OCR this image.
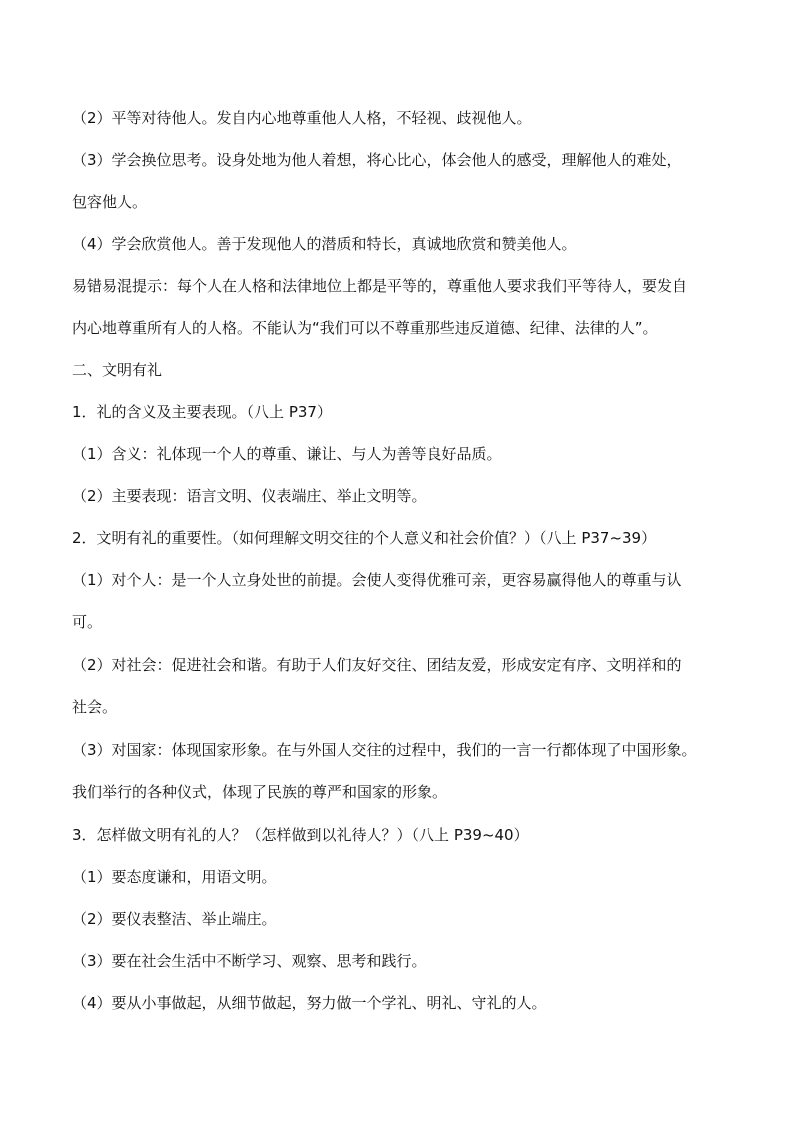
（2）平等对待他人。发自内心地尊重他人人格，不轻视、歧视他人。
（3）学会换位思考。设身处地为他人着想，将心比心，体会他人的感受，理解他人的难处，
包容他人。
（4）学会欣赏他人。善于发现他人的潜质和特长，真诚地欣赏和赞美他人。
易错易混提示：每个人在人格和法律地位上都是平等的，尊重他人要求我们平等待人，要发自
内心地尊重所有人的人格。不能认为“我们可以不尊重那些违反道德、纪律、法律的人”。
二、文明有礼
1．礼的含义及主要表现。（八上 P37）
（1）含义：礼体现一个人的尊重、谦让、与人为善等良好品质。
（2）主要表现：语言文明、仪表端庄、举止文明等。
2．文明有礼的重要性。（如何理解文明交往的个人意义和社会价值？）（八上 P37~39）
（1）对个人：是一个人立身处世的前提。会使人变得优雅可亲，更容易赢得他人的尊重与认
可。
（2）对社会：促进社会和谐。有助于人们友好交往、团结友爱，形成安定有序、文明祥和的
社会。
（3）对国家：体现国家形象。在与外国人交往的过程中，我们的一言一行都体现了中国形象。
我们举行的各种仪式，体现了民族的尊严和国家的形象。
3．怎样做文明有礼的人？（怎样做到以礼待人？）（八上 P39~40）
（1）要态度谦和，用语文明。
（2）要仪表整洁、举止端庄。
（3）要在社会生活中不断学习、观察、思考和践行。
（4）要从小事做起，从细节做起，努力做一个学礼、明礼、守礼的人。
